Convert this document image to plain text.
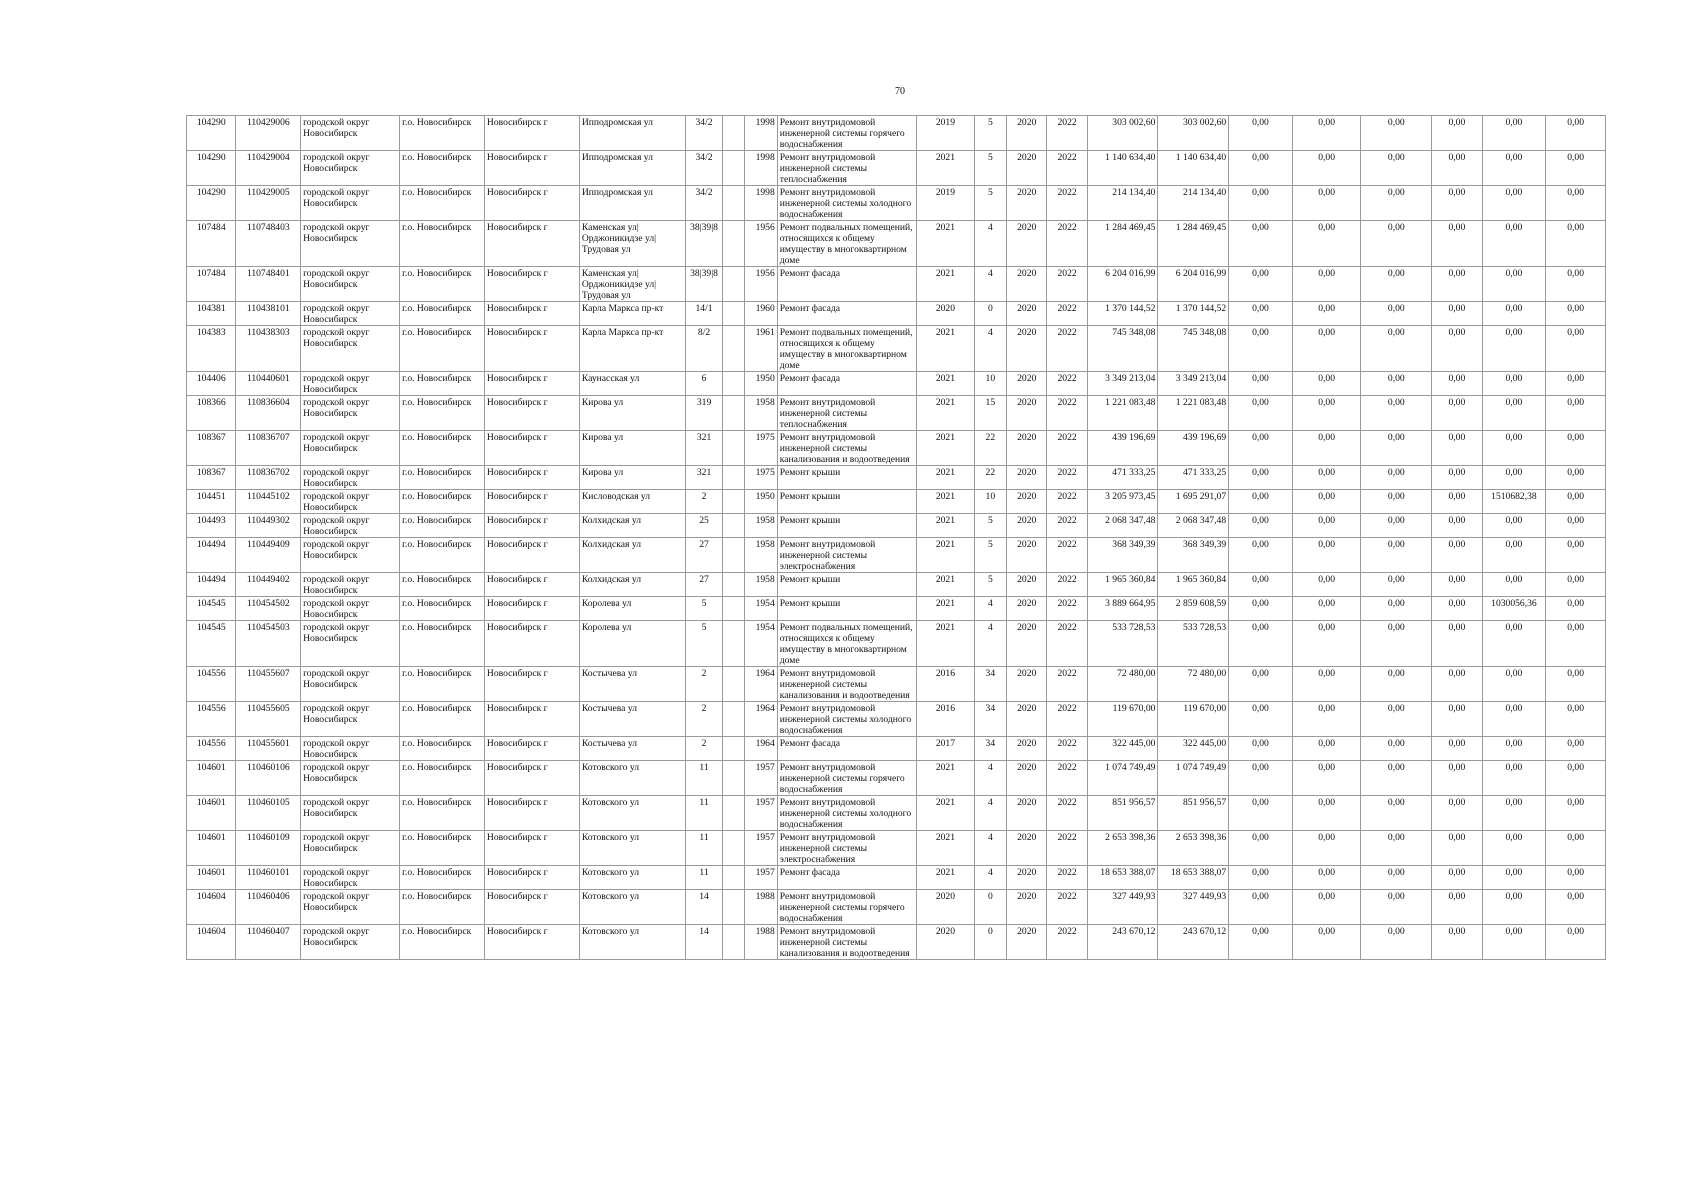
70
104290	110429006	городской округ Новосибирск	г.о. Новосибирск	Новосибирск г	Ипподромская ул	34/2		1998	Ремонт внутридомовой инженерной системы горячего водоснабжения	2019	5	2020	2022	303 002,60	303 002,60	0,00	0,00	0,00	0,00	0,00	0,00
104290	110429004	городской округ Новосибирск	г.о. Новосибирск	Новосибирск г	Ипподромская ул	34/2		1998	Ремонт внутридомовой инженерной системы теплоснабжения	2021	5	2020	2022	1 140 634,40	1 140 634,40	0,00	0,00	0,00	0,00	0,00	0,00
104290	110429005	городской округ Новосибирск	г.о. Новосибирск	Новосибирск г	Ипподромская ул	34/2		1998	Ремонт внутридомовой инженерной системы холодного водоснабжения	2019	5	2020	2022	214 134,40	214 134,40	0,00	0,00	0,00	0,00	0,00	0,00
107484	110748403	городской округ Новосибирск	г.о. Новосибирск	Новосибирск г	Каменская ул|Орджоникидзе ул|Трудовая ул	38|39|8		1956	Ремонт подвальных помещений, относящихся к общему имуществу в многоквартирном доме	2021	4	2020	2022	1 284 469,45	1 284 469,45	0,00	0,00	0,00	0,00	0,00	0,00
107484	110748401	городской округ Новосибирск	г.о. Новосибирск	Новосибирск г	Каменская ул|Орджоникидзе ул|Трудовая ул	38|39|8		1956	Ремонт фасада	2021	4	2020	2022	6 204 016,99	6 204 016,99	0,00	0,00	0,00	0,00	0,00	0,00
104381	110438101	городской округ Новосибирск	г.о. Новосибирск	Новосибирск г	Карла Маркса пр-кт	14/1		1960	Ремонт фасада	2020	0	2020	2022	1 370 144,52	1 370 144,52	0,00	0,00	0,00	0,00	0,00	0,00
104383	110438303	городской округ Новосибирск	г.о. Новосибирск	Новосибирск г	Карла Маркса пр-кт	8/2		1961	Ремонт подвальных помещений, относящихся к общему имуществу в многоквартирном доме	2021	4	2020	2022	745 348,08	745 348,08	0,00	0,00	0,00	0,00	0,00	0,00
104406	110440601	городской округ Новосибирск	г.о. Новосибирск	Новосибирск г	Каунасская ул	6		1950	Ремонт фасада	2021	10	2020	2022	3 349 213,04	3 349 213,04	0,00	0,00	0,00	0,00	0,00	0,00
108366	110836604	городской округ Новосибирск	г.о. Новосибирск	Новосибирск г	Кирова ул	319		1958	Ремонт внутридомовой инженерной системы теплоснабжения	2021	15	2020	2022	1 221 083,48	1 221 083,48	0,00	0,00	0,00	0,00	0,00	0,00
108367	110836707	городской округ Новосибирск	г.о. Новосибирск	Новосибирск г	Кирова ул	321		1975	Ремонт внутридомовой инженерной системы канализования и водоотведения	2021	22	2020	2022	439 196,69	439 196,69	0,00	0,00	0,00	0,00	0,00	0,00
108367	110836702	городской округ Новосибирск	г.о. Новосибирск	Новосибирск г	Кирова ул	321		1975	Ремонт крыши	2021	22	2020	2022	471 333,25	471 333,25	0,00	0,00	0,00	0,00	0,00	0,00
104451	110445102	городской округ Новосибирск	г.о. Новосибирск	Новосибирск г	Кисловодская ул	2		1950	Ремонт крыши	2021	10	2020	2022	3 205 973,45	1 695 291,07	0,00	0,00	0,00	0,00	1510682,38	0,00
104493	110449302	городской округ Новосибирск	г.о. Новосибирск	Новосибирск г	Колхидская ул	25		1958	Ремонт крыши	2021	5	2020	2022	2 068 347,48	2 068 347,48	0,00	0,00	0,00	0,00	0,00	0,00
104494	110449409	городской округ Новосибирск	г.о. Новосибирск	Новосибирск г	Колхидская ул	27		1958	Ремонт внутридомовой инженерной системы электроснабжения	2021	5	2020	2022	368 349,39	368 349,39	0,00	0,00	0,00	0,00	0,00	0,00
104494	110449402	городской округ Новосибирск	г.о. Новосибирск	Новосибирск г	Колхидская ул	27		1958	Ремонт крыши	2021	5	2020	2022	1 965 360,84	1 965 360,84	0,00	0,00	0,00	0,00	0,00	0,00
104545	110454502	городской округ Новосибирск	г.о. Новосибирск	Новосибирск г	Королева ул	5		1954	Ремонт крыши	2021	4	2020	2022	3 889 664,95	2 859 608,59	0,00	0,00	0,00	0,00	1030056,36	0,00
104545	110454503	городской округ Новосибирск	г.о. Новосибирск	Новосибирск г	Королева ул	5		1954	Ремонт подвальных помещений, относящихся к общему имуществу в многоквартирном доме	2021	4	2020	2022	533 728,53	533 728,53	0,00	0,00	0,00	0,00	0,00	0,00
104556	110455607	городской округ Новосибирск	г.о. Новосибирск	Новосибирск г	Костычева ул	2		1964	Ремонт внутридомовой инженерной системы канализования и водоотведения	2016	34	2020	2022	72 480,00	72 480,00	0,00	0,00	0,00	0,00	0,00	0,00
104556	110455605	городской округ Новосибирск	г.о. Новосибирск	Новосибирск г	Костычева ул	2		1964	Ремонт внутридомовой инженерной системы холодного водоснабжения	2016	34	2020	2022	119 670,00	119 670,00	0,00	0,00	0,00	0,00	0,00	0,00
104556	110455601	городской округ Новосибирск	г.о. Новосибирск	Новосибирск г	Костычева ул	2		1964	Ремонт фасада	2017	34	2020	2022	322 445,00	322 445,00	0,00	0,00	0,00	0,00	0,00	0,00
104601	110460106	городской округ Новосибирск	г.о. Новосибирск	Новосибирск г	Котовского ул	11		1957	Ремонт внутридомовой инженерной системы горячего водоснабжения	2021	4	2020	2022	1 074 749,49	1 074 749,49	0,00	0,00	0,00	0,00	0,00	0,00
104601	110460105	городской округ Новосибирск	г.о. Новосибирск	Новосибирск г	Котовского ул	11		1957	Ремонт внутридомовой инженерной системы холодного водоснабжения	2021	4	2020	2022	851 956,57	851 956,57	0,00	0,00	0,00	0,00	0,00	0,00
104601	110460109	городской округ Новосибирск	г.о. Новосибирск	Новосибирск г	Котовского ул	11		1957	Ремонт внутридомовой инженерной системы электроснабжения	2021	4	2020	2022	2 653 398,36	2 653 398,36	0,00	0,00	0,00	0,00	0,00	0,00
104601	110460101	городской округ Новосибирск	г.о. Новосибирск	Новосибирск г	Котовского ул	11		1957	Ремонт фасада	2021	4	2020	2022	18 653 388,07	18 653 388,07	0,00	0,00	0,00	0,00	0,00	0,00
104604	110460406	городской округ Новосибирск	г.о. Новосибирск	Новосибирск г	Котовского ул	14		1988	Ремонт внутридомовой инженерной системы горячего водоснабжения	2020	0	2020	2022	327 449,93	327 449,93	0,00	0,00	0,00	0,00	0,00	0,00
104604	110460407	городской округ Новосибирск	г.о. Новосибирск	Новосибирск г	Котовского ул	14		1988	Ремонт внутридомовой инженерной системы канализования и водоотведения	2020	0	2020	2022	243 670,12	243 670,12	0,00	0,00	0,00	0,00	0,00	0,00
